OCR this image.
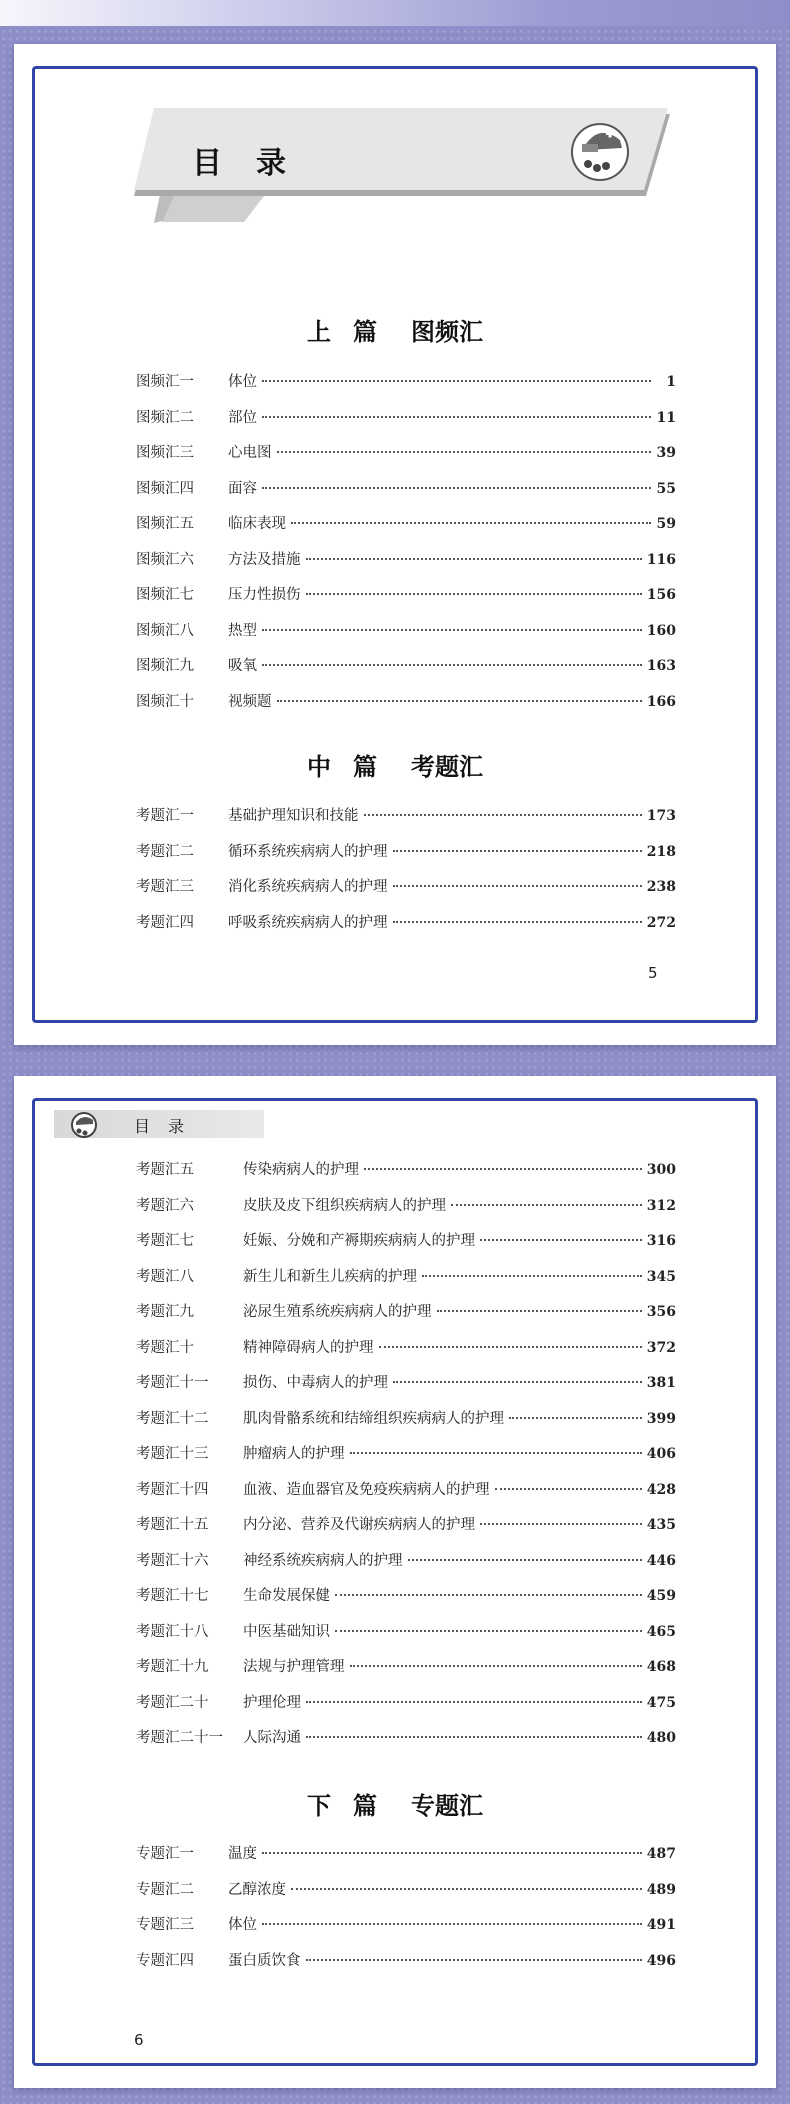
目录
上篇 图频汇
图频汇一	体位	1
图频汇二	部位	11
图频汇三	心电图	39
图频汇四	面容	55
图频汇五	临床表现	59
图频汇六	方法及措施	116
图频汇七	压力性损伤	156
图频汇八	热型	160
图频汇九	吸氧	163
图频汇十	视频题	166
中篇 考题汇
考题汇一	基础护理知识和技能	173
考题汇二	循环系统疾病病人的护理	218
考题汇三	消化系统疾病病人的护理	238
考题汇四	呼吸系统疾病病人的护理	272
5
目录
考题汇五	传染病病人的护理	300
考题汇六	皮肤及皮下组织疾病病人的护理	312
考题汇七	妊娠、分娩和产褥期疾病病人的护理	316
考题汇八	新生儿和新生儿疾病的护理	345
考题汇九	泌尿生殖系统疾病病人的护理	356
考题汇十	精神障碍病人的护理	372
考题汇十一	损伤、中毒病人的护理	381
考题汇十二	肌肉骨骼系统和结缔组织疾病病人的护理	399
考题汇十三	肿瘤病人的护理	406
考题汇十四	血液、造血器官及免疫疾病病人的护理	428
考题汇十五	内分泌、营养及代谢疾病病人的护理	435
考题汇十六	神经系统疾病病人的护理	446
考题汇十七	生命发展保健	459
考题汇十八	中医基础知识	465
考题汇十九	法规与护理管理	468
考题汇二十	护理伦理	475
考题汇二十一	人际沟通	480
下篇 专题汇
专题汇一	温度	487
专题汇二	乙醇浓度	489
专题汇三	体位	491
专题汇四	蛋白质饮食	496
6
